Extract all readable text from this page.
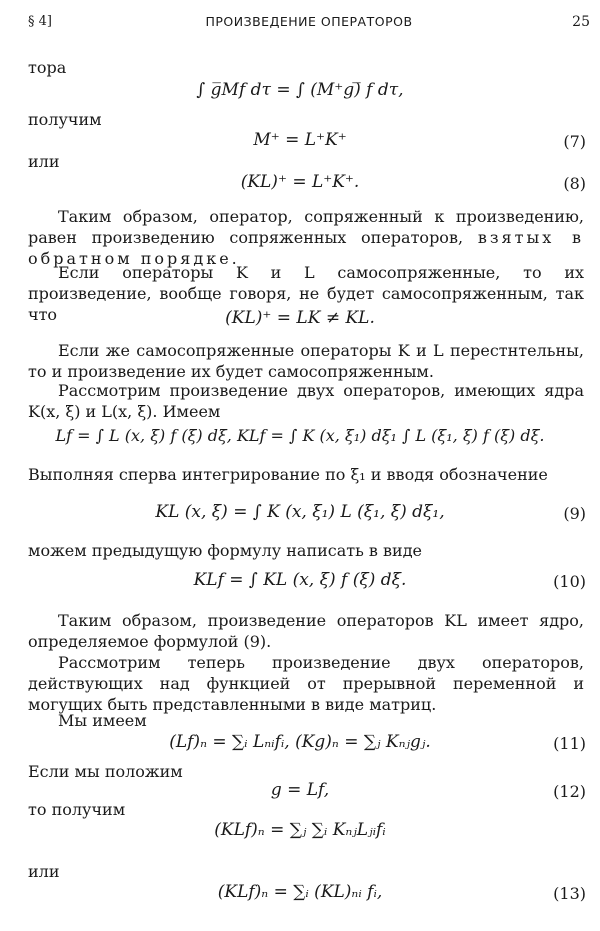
§ 4]	ПРОИЗВЕДЕНИЕ ОПЕРАТОРОВ	25
тора
∫ g̅Mf dτ = ∫ (M⁺g)̅ f dτ,
получим
M⁺ = L⁺K⁺	(7)
или
(KL)⁺ = L⁺K⁺.	(8)
Таким образом, оператор, сопряженный к произведению, равен произведению сопряженных операторов, взятых в обратном порядке.
Если операторы K и L самосопряженные, то их произведение, вообще говоря, не будет самосопряженным, так что	(KL)⁺ = LK ≠ KL.
Если же самосопряженные операторы K и L перестнтельны, то и произведение их будет самосопряженным.
Рассмотрим произведение двух операторов, имеющих ядра K(x, ξ) и L(x, ξ). Имеем
Lf = ∫ L (x, ξ) f (ξ) dξ, KLf = ∫ K (x, ξ₁) dξ₁ ∫ L (ξ₁, ξ) f (ξ) dξ.
Выполняя сперва интегрирование по ξ₁ и вводя обозначение
KL (x, ξ) = ∫ K (x, ξ₁) L (ξ₁, ξ) dξ₁,	(9)
можем предыдущую формулу написать в виде
KLf = ∫ KL (x, ξ) f (ξ) dξ.	(10)
Таким образом, произведение операторов KL имеет ядро, определяемое формулой (9).
Рассмотрим теперь произведение двух операторов, действующих над функцией от прерывной переменной и могущих быть представленными в виде матриц.
Мы имеем
(Lf)ₙ = ∑ᵢ Lₙᵢfᵢ, (Kg)ₙ = ∑ⱼ Kₙⱼgⱼ.	(11)
Если мы положим
g = Lf,	(12)
то получим
(KLf)ₙ = ∑ⱼ ∑ᵢ KₙⱼLⱼᵢfᵢ
или
(KLf)ₙ = ∑ᵢ (KL)ₙᵢ fᵢ,	(13)
